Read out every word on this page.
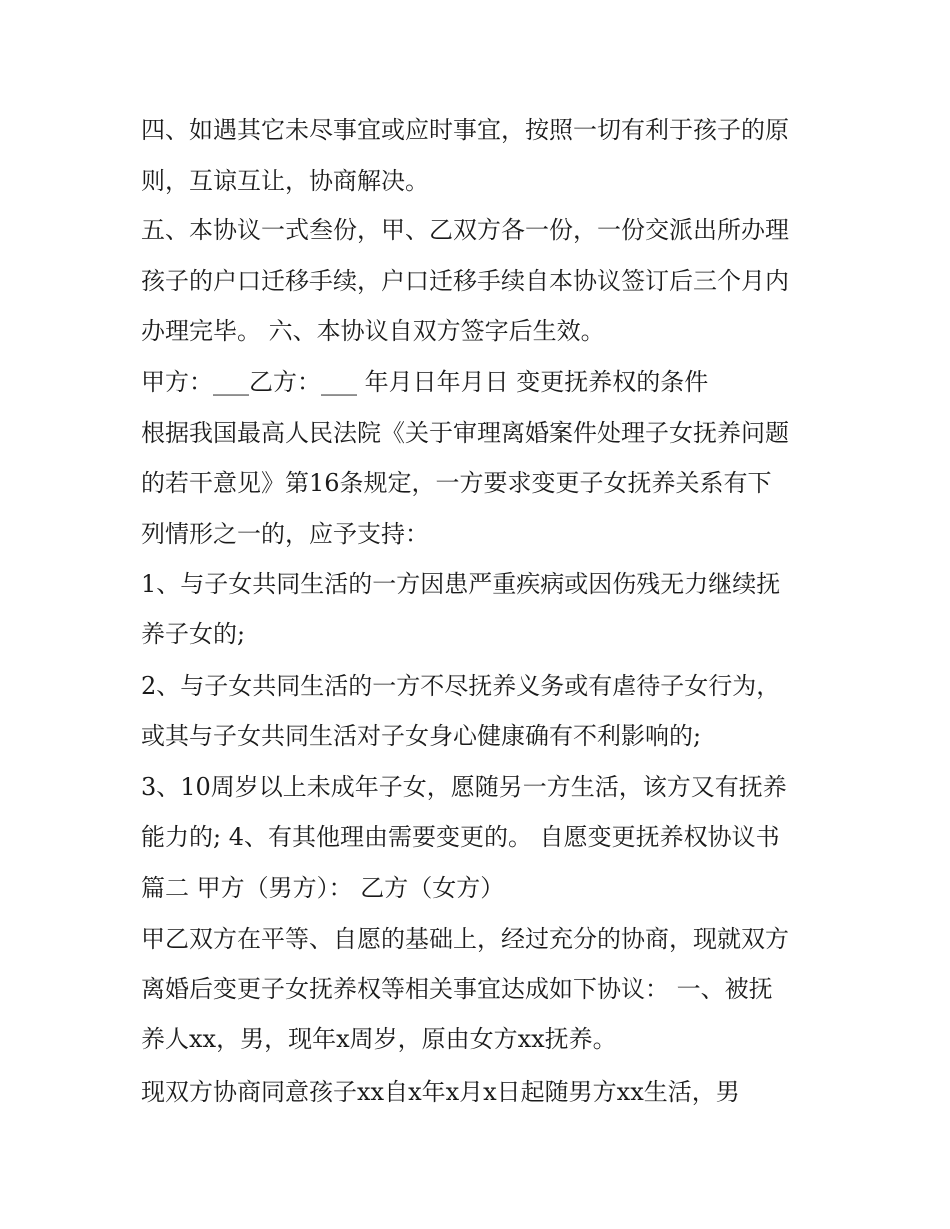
四、如遇其它未尽事宜或应时事宜，按照一切有利于孩子的原
则，互谅互让，协商解决。
五、本协议一式叁份，甲、乙双方各一份，一份交派出所办理
孩子的户口迁移手续，户口迁移手续自本协议签订后三个月内
办理完毕。 六、本协议自双方签字后生效。
甲方：___乙方：___ 年月日年月日 变更抚养权的条件
根据我国最高人民法院《关于审理离婚案件处理子女抚养问题
的若干意见》第16条规定，一方要求变更子女抚养关系有下
列情形之一的，应予支持：
1、与子女共同生活的一方因患严重疾病或因伤残无力继续抚
养子女的;
2、与子女共同生活的一方不尽抚养义务或有虐待子女行为，
或其与子女共同生活对子女身心健康确有不利影响的;
3、10周岁以上未成年子女，愿随另一方生活，该方又有抚养
能力的; 4、有其他理由需要变更的。 自愿变更抚养权协议书
篇二 甲方（男方）： 乙方（女方）
甲乙双方在平等、自愿的基础上，经过充分的协商，现就双方
离婚后变更子女抚养权等相关事宜达成如下协议： 一、被抚
养人xx，男，现年x周岁，原由女方xx抚养。
现双方协商同意孩子xx自x年x月x日起随男方xx生活，男
